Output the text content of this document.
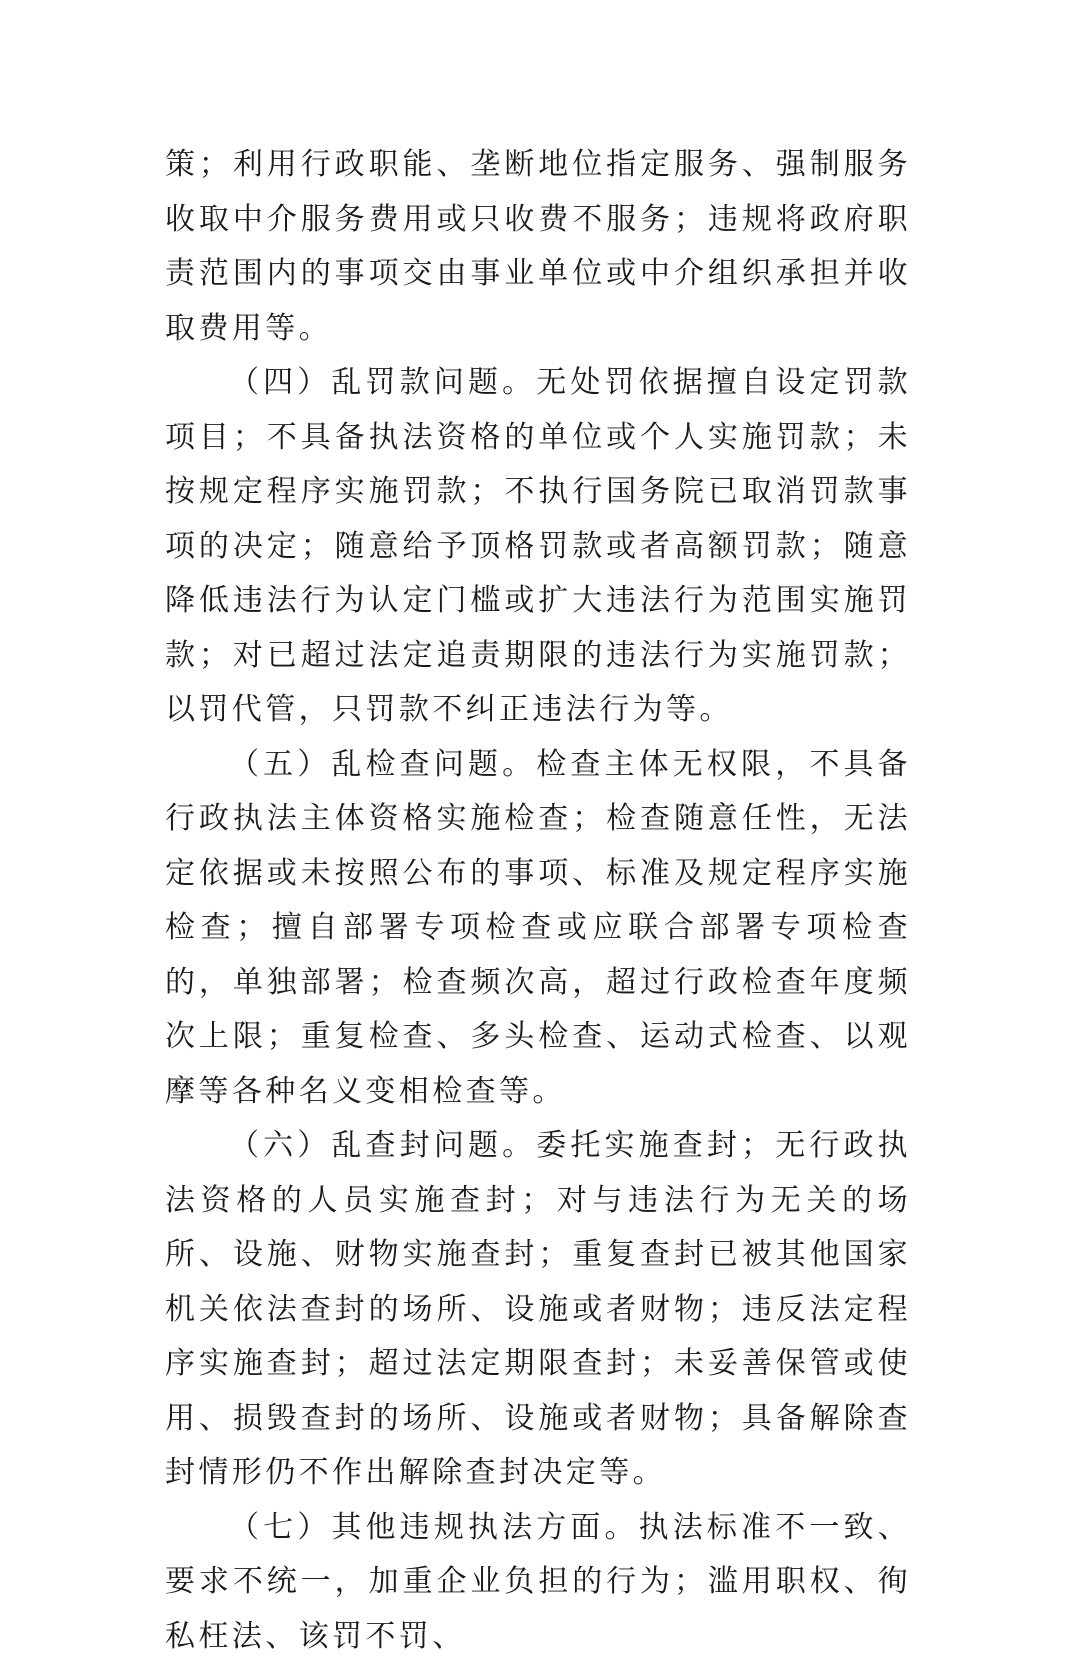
策；利用行政职能、垄断地位指定服务、强制服务收取中介服务费用或只收费不服务；违规将政府职责范围内的事项交由事业单位或中介组织承担并收取费用等。

（四）乱罚款问题。无处罚依据擅自设定罚款项目；不具备执法资格的单位或个人实施罚款；未按规定程序实施罚款；不执行国务院已取消罚款事项的决定；随意给予顶格罚款或者高额罚款；随意降低违法行为认定门槛或扩大违法行为范围实施罚款；对已超过法定追责期限的违法行为实施罚款；以罚代管，只罚款不纠正违法行为等。

（五）乱检查问题。检查主体无权限，不具备行政执法主体资格实施检查；检查随意任性，无法定依据或未按照公布的事项、标准及规定程序实施检查；擅自部署专项检查或应联合部署专项检查的，单独部署；检查频次高，超过行政检查年度频次上限；重复检查、多头检查、运动式检查、以观摩等各种名义变相检查等。

（六）乱查封问题。委托实施查封；无行政执法资格的人员实施查封；对与违法行为无关的场所、设施、财物实施查封；重复查封已被其他国家机关依法查封的场所、设施或者财物；违反法定程序实施查封；超过法定期限查封；未妥善保管或使用、损毁查封的场所、设施或者财物；具备解除查封情形仍不作出解除查封决定等。

（七）其他违规执法方面。执法标准不一致、要求不统一，加重企业负担的行为；滥用职权、徇私枉法、该罚不罚、
